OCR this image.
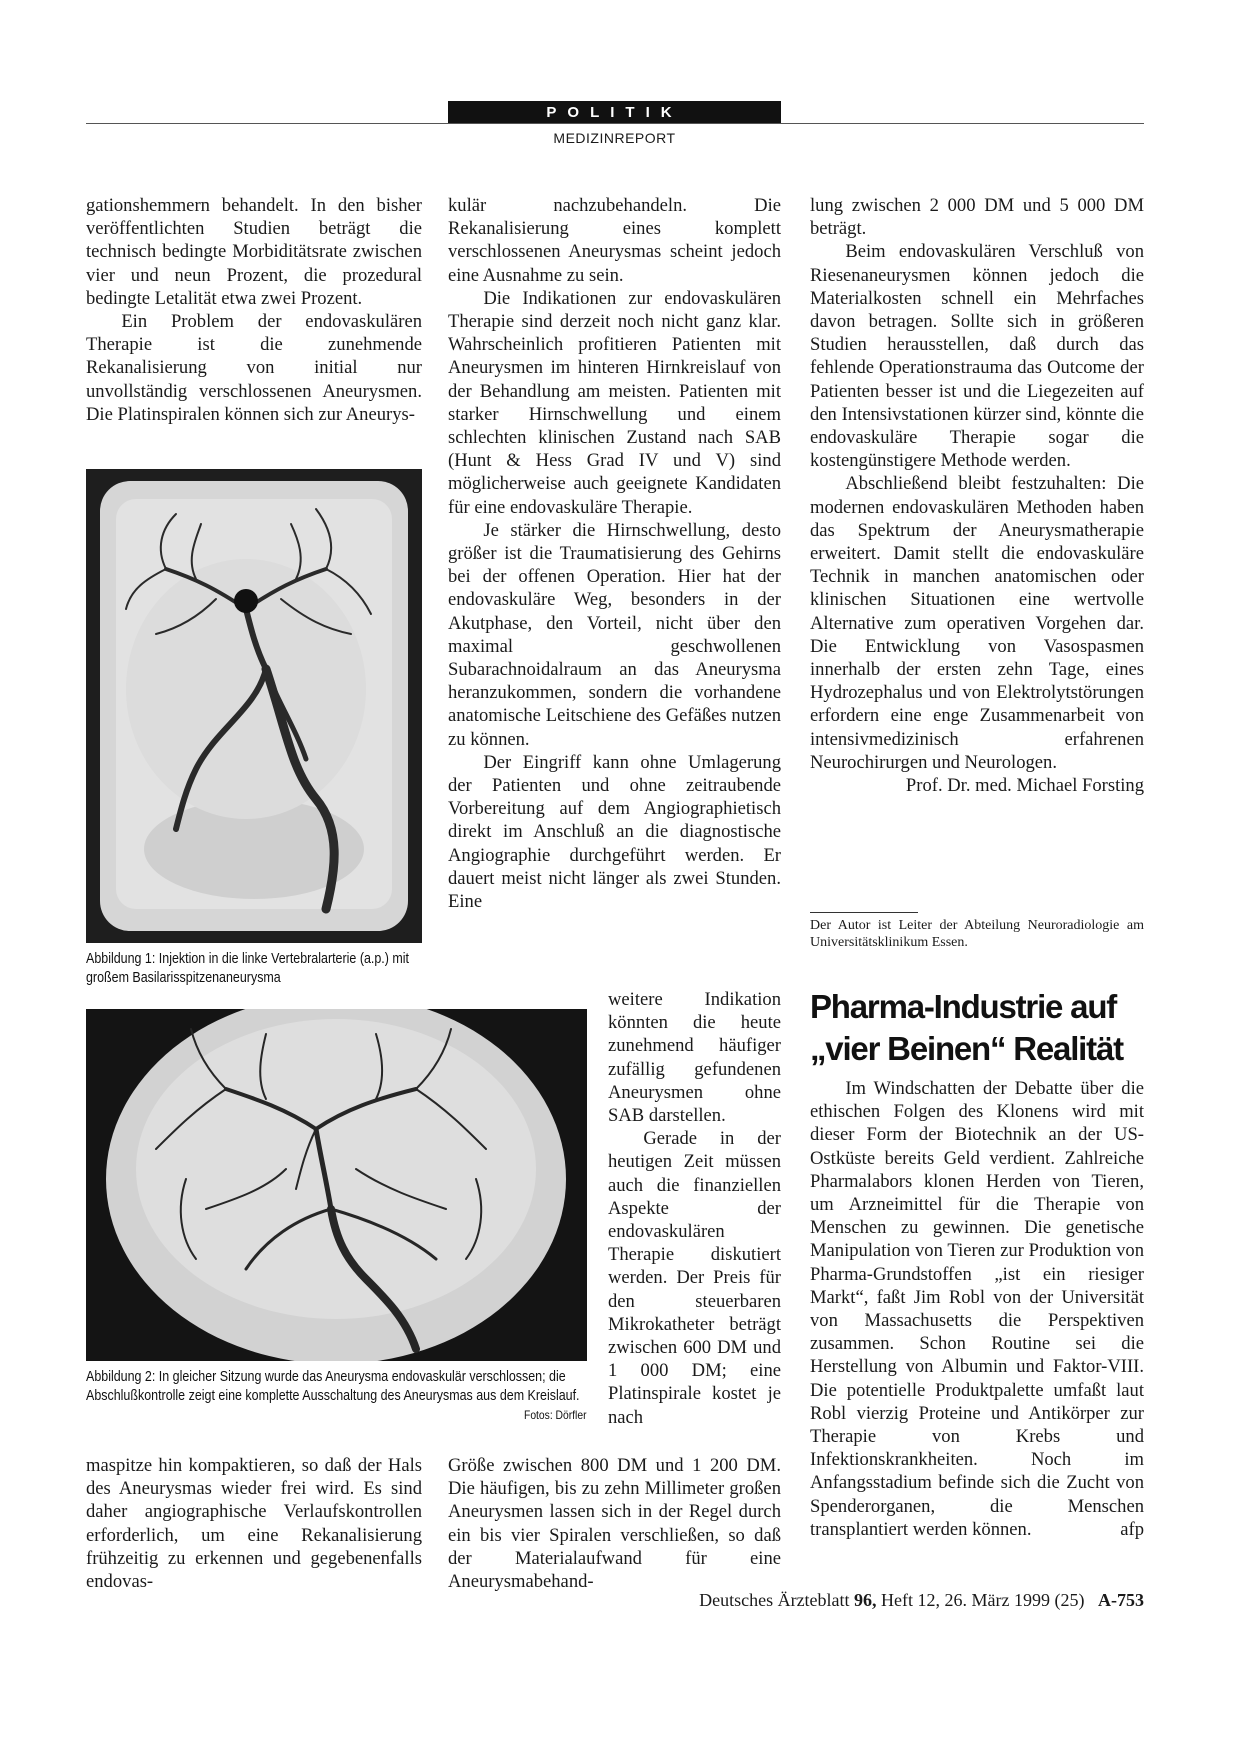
POLITIK
MEDIZINREPORT

gationshemmern behandelt. In den bisher veröffentlichten Studien beträgt die technisch bedingte Morbiditätsrate zwischen vier und neun Prozent, die prozedural bedingte Letalität etwa zwei Prozent.

Ein Problem der endovaskulären Therapie ist die zunehmende Rekanalisierung von initial nur unvollständig verschlossenen Aneurysmen. Die Platinspiralen können sich zur Aneurys-

Abbildung 1: Injektion in die linke Vertebralarterie (a.p.) mit großem Basilarisspitzenaneurysma
Abbildung 2: In gleicher Sitzung wurde das Aneurysma endovaskulär verschlossen; die Abschlußkontrolle zeigt eine komplette Ausschaltung des Aneurysmas aus dem Kreislauf.
Fotos: Dörfler

maspitze hin kompaktieren, so daß der Hals des Aneurysmas wieder frei wird. Es sind daher angiographische Verlaufskontrollen erforderlich, um eine Rekanalisierung frühzeitig zu erkennen und gegebenenfalls endovas-

kulär nachzubehandeln. Die Rekanalisierung eines komplett verschlossenen Aneurysmas scheint jedoch eine Ausnahme zu sein.

Die Indikationen zur endovaskulären Therapie sind derzeit noch nicht ganz klar. Wahrscheinlich profitieren Patienten mit Aneurysmen im hinteren Hirnkreislauf von der Behandlung am meisten. Patienten mit starker Hirnschwellung und einem schlechten klinischen Zustand nach SAB (Hunt & Hess Grad IV und V) sind möglicherweise auch geeignete Kandidaten für eine endovaskuläre Therapie.

Je stärker die Hirnschwellung, desto größer ist die Traumatisierung des Gehirns bei der offenen Operation. Hier hat der endovaskuläre Weg, besonders in der Akutphase, den Vorteil, nicht über den maximal geschwollenen Subarachnoidalraum an das Aneurysma heranzukommen, sondern die vorhandene anatomische Leitschiene des Gefäßes nutzen zu können.

Der Eingriff kann ohne Umlagerung der Patienten und ohne zeitraubende Vorbereitung auf dem Angiographietisch direkt im Anschluß an die diagnostische Angiographie durchgeführt werden. Er dauert meist nicht länger als zwei Stunden. Eine

weitere Indikation könnten die heute zunehmend häufiger zufällig gefundenen Aneurysmen ohne SAB darstellen.

Gerade in der heutigen Zeit müssen auch die finanziellen Aspekte der endovaskulären Therapie diskutiert werden. Der Preis für den steuerbaren Mikrokatheter beträgt zwischen 600 DM und 1 000 DM; eine Platinspirale kostet je nach

Größe zwischen 800 DM und 1 200 DM. Die häufigen, bis zu zehn Millimeter großen Aneurysmen lassen sich in der Regel durch ein bis vier Spiralen verschließen, so daß der Materialaufwand für eine Aneurysmabehand-

lung zwischen 2 000 DM und 5 000 DM beträgt.

Beim endovaskulären Verschluß von Riesenaneurysmen können jedoch die Materialkosten schnell ein Mehrfaches davon betragen. Sollte sich in größeren Studien herausstellen, daß durch das fehlende Operationstrauma das Outcome der Patienten besser ist und die Liegezeiten auf den Intensivstationen kürzer sind, könnte die endovaskuläre Therapie sogar die kostengünstigere Methode werden.

Abschließend bleibt festzuhalten: Die modernen endovaskulären Methoden haben das Spektrum der Aneurysmatherapie erweitert. Damit stellt die endovaskuläre Technik in manchen anatomischen oder klinischen Situationen eine wertvolle Alternative zum operativen Vorgehen dar. Die Entwicklung von Vasospasmen innerhalb der ersten zehn Tage, eines Hydrozephalus und von Elektrolytstörungen erfordern eine enge Zusammenarbeit von intensivmedizinisch erfahrenen Neurochirurgen und Neurologen.

Prof. Dr. med. Michael Forsting

Der Autor ist Leiter der Abteilung Neuroradiologie am Universitätsklinikum Essen.
Pharma-Industrie auf „vier Beinen“ Realität

Im Windschatten der Debatte über die ethischen Folgen des Klonens wird mit dieser Form der Biotechnik an der US-Ostküste bereits Geld verdient. Zahlreiche Pharmalabors klonen Herden von Tieren, um Arzneimittel für die Therapie von Menschen zu gewinnen. Die genetische Manipulation von Tieren zur Produktion von Pharma-Grundstoffen „ist ein riesiger Markt“, faßt Jim Robl von der Universität von Massachusetts die Perspektiven zusammen. Schon Routine sei die Herstellung von Albumin und Faktor-VIII. Die potentielle Produktpalette umfaßt laut Robl vierzig Proteine und Antikörper zur Therapie von Krebs und Infektionskrankheiten. Noch im Anfangsstadium befinde sich die Zucht von Spenderorganen, die Menschen transplantiert werden können.	afp

Deutsches Ärzteblatt 96, Heft 12, 26. März 1999 (25) A-753
